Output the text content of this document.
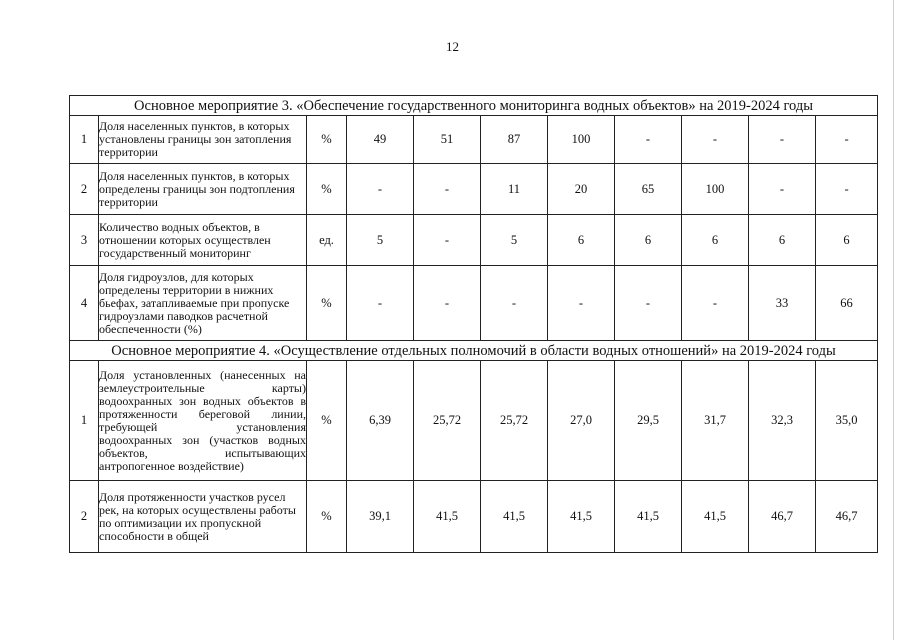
12
Основное мероприятие 3. «Обеспечение государственного мониторинга водных объектов» на 2019-2024 годы										
1	Доля населенных пунктов, в которых установлены границы зон затопления территории	%	49	51	87	100	-	-	-	-
2	Доля населенных пунктов, в которых определены границы зон подтопления территории	%	-	-	11	20	65	100	-	-
3	Количество водных объектов, в отношении которых осуществлен государственный мониторинг	ед.	5	-	5	6	6	6	6	6
4	Доля гидроузлов, для которых определены территории в нижних бьефах, затапливаемые при пропуске гидроузлами паводков расчетной обеспеченности (%)	%	-	-	-	-	-	-	33	66
Основное мероприятие 4. «Осуществление отдельных полномочий в области водных отношений» на 2019-2024 годы										
1	Доля установленных (нанесенных на землеустроительные карты) водоохранных зон водных объектов в протяженности береговой линии, требующей установления водоохранных зон (участков водных объектов, испытывающих антропогенное воздействие)	%	6,39	25,72	25,72	27,0	29,5	31,7	32,3	35,0
2	Доля протяженности участков русел рек, на которых осуществлены работы по оптимизации их пропускной способности в общей	%	39,1	41,5	41,5	41,5	41,5	41,5	46,7	46,7
